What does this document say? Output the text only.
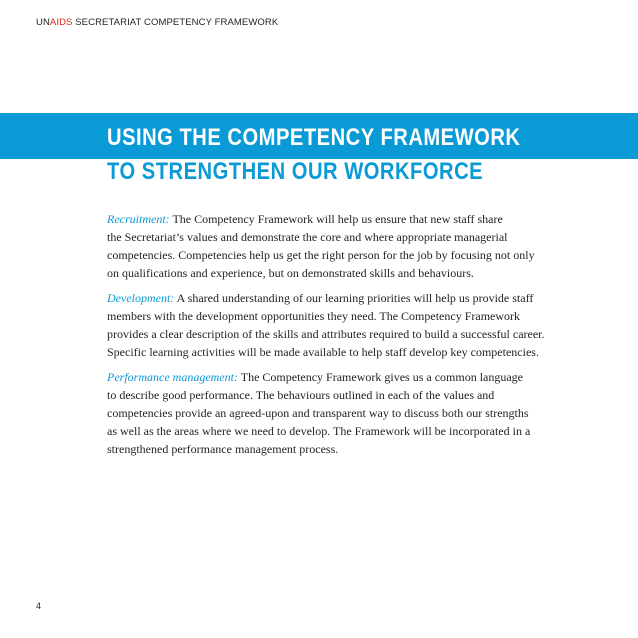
UNAIDS SECRETARIAT COMPETENCY FRAMEWORK
USING THE COMPETENCY FRAMEWORK
TO STRENGTHEN OUR WORKFORCE

Recruitment: The Competency Framework will help us ensure that new staff share
the Secretariat’s values and demonstrate the core and where appropriate managerial
competencies. Competencies help us get the right person for the job by focusing not only
on qualifications and experience, but on demonstrated skills and behaviours.

Development: A shared understanding of our learning priorities will help us provide staff
members with the development opportunities they need. The Competency Framework
provides a clear description of the skills and attributes required to build a successful career.
Specific learning activities will be made available to help staff develop key competencies.

Performance management: The Competency Framework gives us a common language
to describe good performance. The behaviours outlined in each of the values and
competencies provide an agreed-upon and transparent way to discuss both our strengths
as well as the areas where we need to develop. The Framework will be incorporated in a
strengthened performance management process.

4
